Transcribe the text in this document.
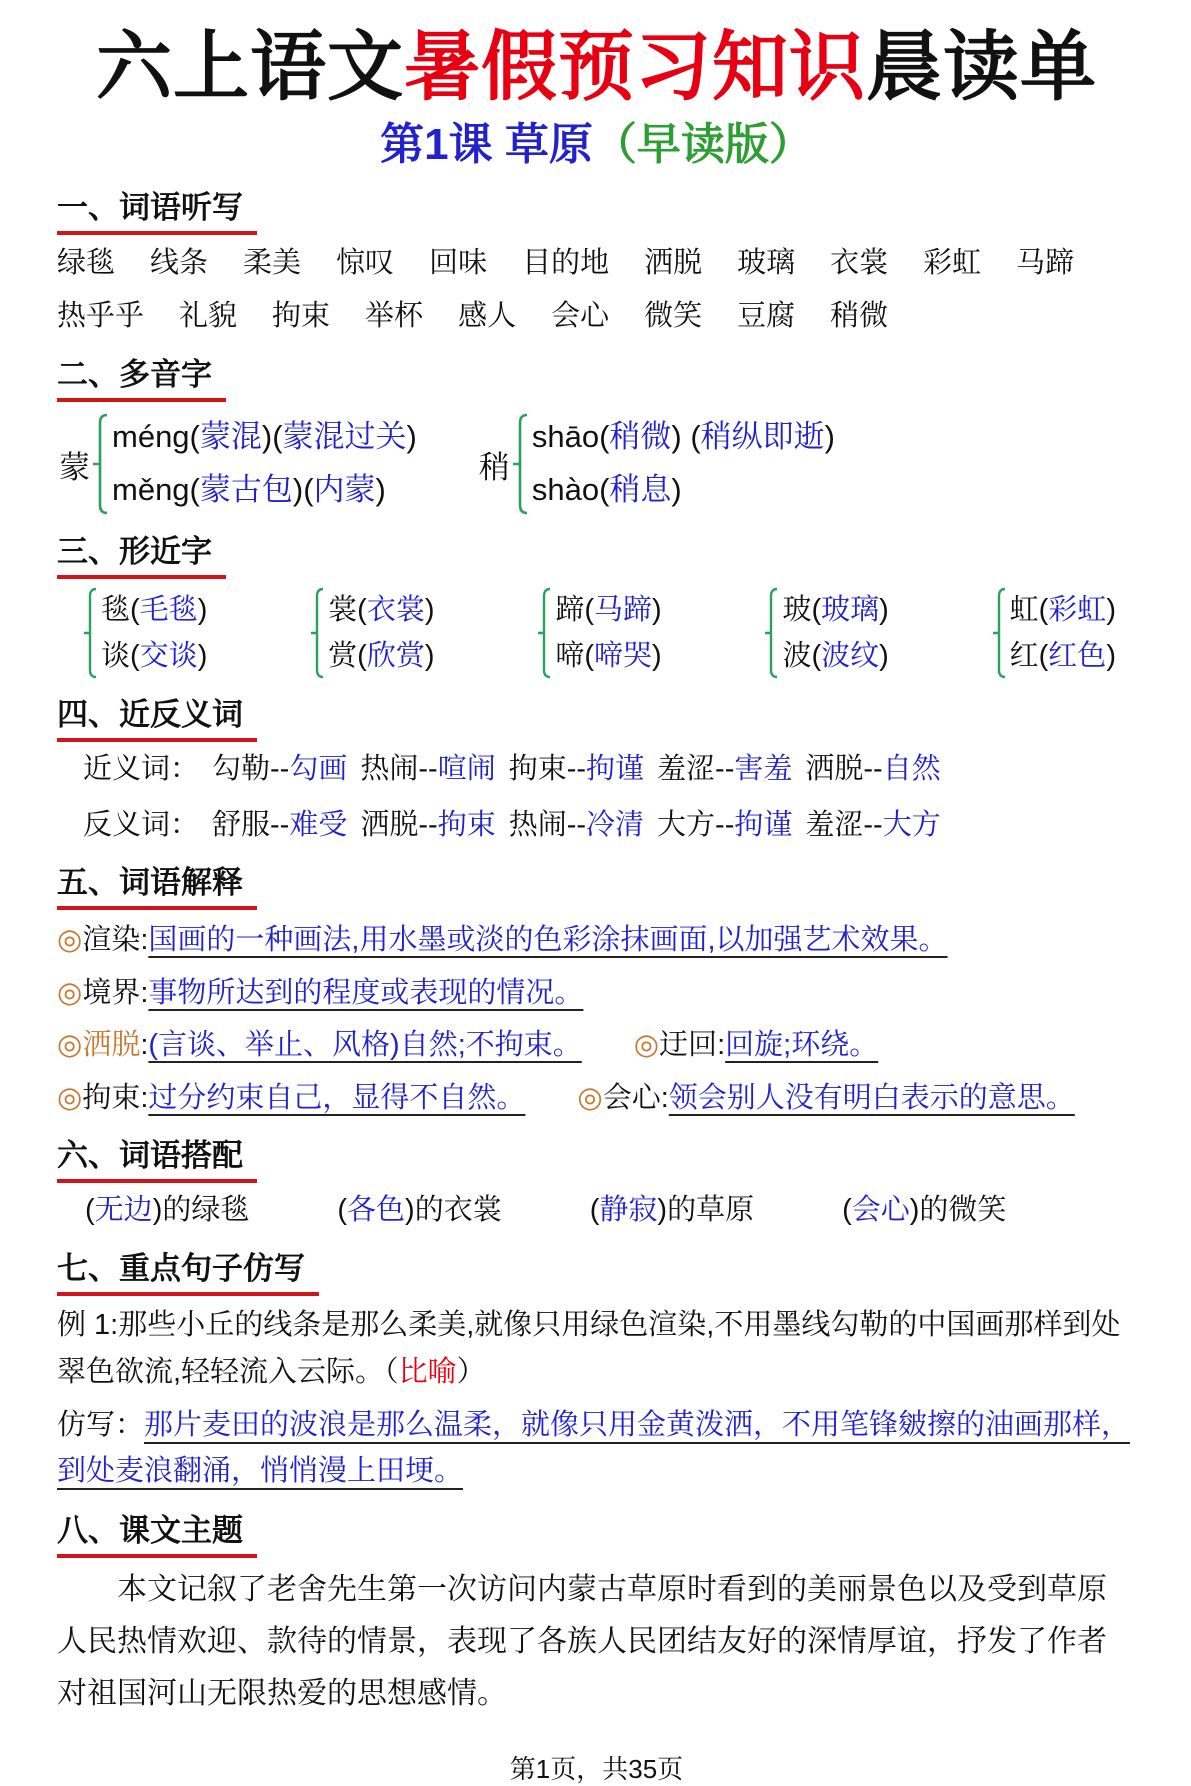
六上语文暑假预习知识晨读单
第1课 草原（早读版）
一、词语听写
绿毯 线条 柔美 惊叹 回味 目的地 洒脱 玻璃 衣裳 彩虹 马蹄
热乎乎 礼貌 拘束 举杯 感人 会心 微笑 豆腐 稍微
二、多音字
蒙
méng(蒙混)(蒙混过关)
měng(蒙古包)(内蒙)
稍
shāo(稍微) (稍纵即逝)
shào(稍息)
三、形近字
毯(毛毯)
谈(交谈)
裳(衣裳)
赏(欣赏)
蹄(马蹄)
啼(啼哭)
玻(玻璃)
波(波纹)
虹(彩虹)
红(红色)
四、近反义词
近义词： 勾勒--勾画 热闹--喧闹 拘束--拘谨 羞涩--害羞 洒脱--自然
反义词： 舒服--难受 洒脱--拘束 热闹--冷清 大方--拘谨 羞涩--大方
五、词语解释
◎渲染:国画的一种画法,用水墨或淡的色彩涂抹画面,以加强艺术效果。
◎境界:事物所达到的程度或表现的情况。
◎洒脱:(言谈、举止、风格)自然;不拘束。 ◎迂回:回旋;环绕。
◎拘束:过分约束自己，显得不自然。 ◎会心:领会别人没有明白表示的意思。
六、词语搭配
(无边)的绿毯	(各色)的衣裳	(静寂)的草原	(会心)的微笑
七、重点句子仿写

例 1:那些小丘的线条是那么柔美,就像只用绿色渲染,不用墨线勾勒的中国画那样到处翠色欲流,轻轻流入云际。（比喻）

仿写：那片麦田的波浪是那么温柔，就像只用金黄泼洒，不用笔锋皴擦的油画那样，到处麦浪翻涌，悄悄漫上田埂。

八、课文主题

本文记叙了老舍先生第一次访问内蒙古草原时看到的美丽景色以及受到草原人民热情欢迎、款待的情景，表现了各族人民团结友好的深情厚谊，抒发了作者对祖国河山无限热爱的思想感情。

第1页，共35页
